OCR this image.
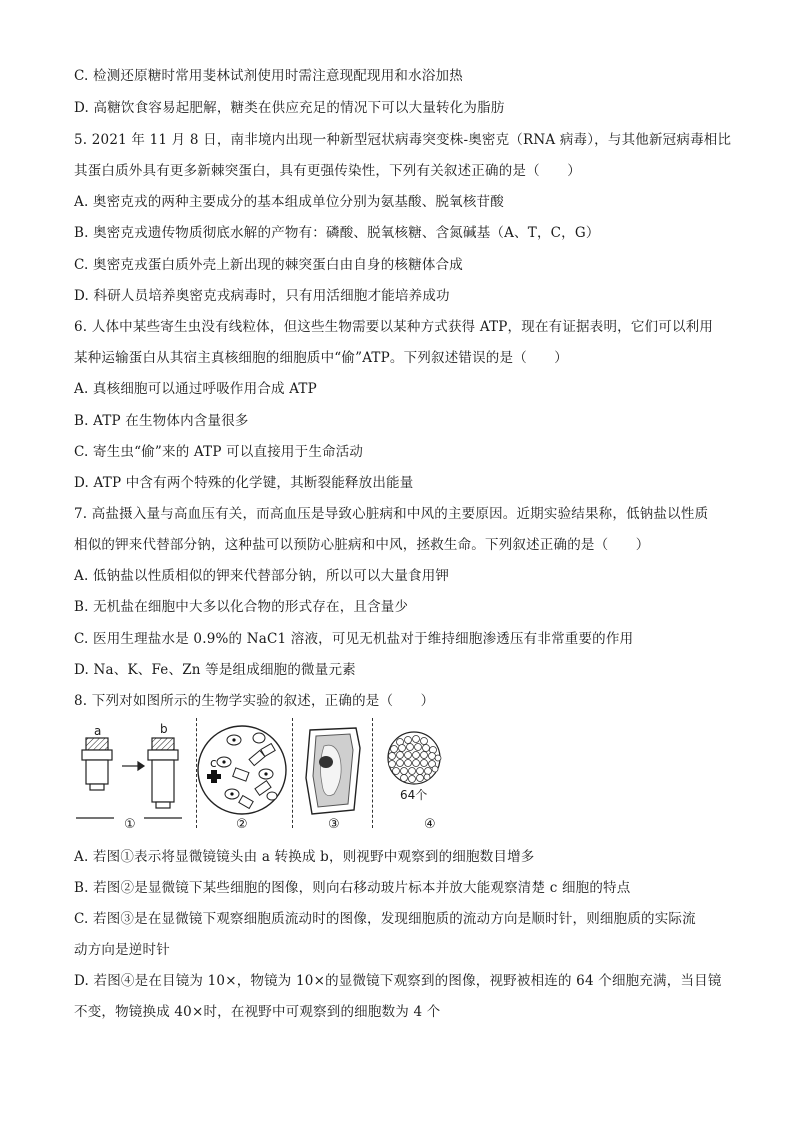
C. 检测还原糖时常用斐林试剂使用时需注意现配现用和水浴加热
D. 高糖饮食容易起肥解，糖类在供应充足的情况下可以大量转化为脂肪
5. 2021 年 11 月 8 日，南非境内出现一种新型冠状病毒突变株-奥密克（RNA 病毒），与其他新冠病毒相比
其蛋白质外具有更多新棘突蛋白，具有更强传染性，下列有关叙述正确的是（　　）
A. 奥密克戎的两种主要成分的基本组成单位分别为氨基酸、脱氧核苷酸
B. 奥密克戎遗传物质彻底水解的产物有：磷酸、脱氧核糖、含氮碱基（A、T，C，G）
C. 奥密克戎蛋白质外壳上新出现的棘突蛋白由自身的核糖体合成
D. 科研人员培养奥密克戎病毒时，只有用活细胞才能培养成功
6. 人体中某些寄生虫没有线粒体，但这些生物需要以某种方式获得 ATP，现在有证据表明，它们可以利用
某种运输蛋白从其宿主真核细胞的细胞质中“偷”ATP。下列叙述错误的是（　　）
A. 真核细胞可以通过呼吸作用合成 ATP
B. ATP 在生物体内含量很多
C. 寄生虫“偷”来的 ATP 可以直接用于生命活动
D. ATP 中含有两个特殊的化学键，其断裂能释放出能量
7. 高盐摄入量与高血压有关，而高血压是导致心脏病和中风的主要原因。近期实验结果称，低钠盐以性质
相似的钾来代替部分钠，这种盐可以预防心脏病和中风，拯救生命。下列叙述正确的是（　　）
A. 低钠盐以性质相似的钾来代替部分钠，所以可以大量食用钾
B. 无机盐在细胞中大多以化合物的形式存在，且含量少
C. 医用生理盐水是 0.9%的 NaC1 溶液，可见无机盐对于维持细胞渗透压有非常重要的作用
D. Na、K、Fe、Zn 等是组成细胞的微量元素
8. 下列对如图所示的生物学实验的叙述，正确的是（　　）
a	b
c
64个
①	②	③	④
A. 若图①表示将显微镜镜头由 a 转换成 b，则视野中观察到的细胞数目增多
B. 若图②是显微镜下某些细胞的图像，则向右移动玻片标本并放大能观察清楚 c 细胞的特点
C. 若图③是在显微镜下观察细胞质流动时的图像，发现细胞质的流动方向是顺时针，则细胞质的实际流
动方向是逆时针
D. 若图④是在目镜为 10×，物镜为 10×的显微镜下观察到的图像，视野被相连的 64 个细胞充满，当目镜
不变，物镜换成 40×时，在视野中可观察到的细胞数为 4 个
